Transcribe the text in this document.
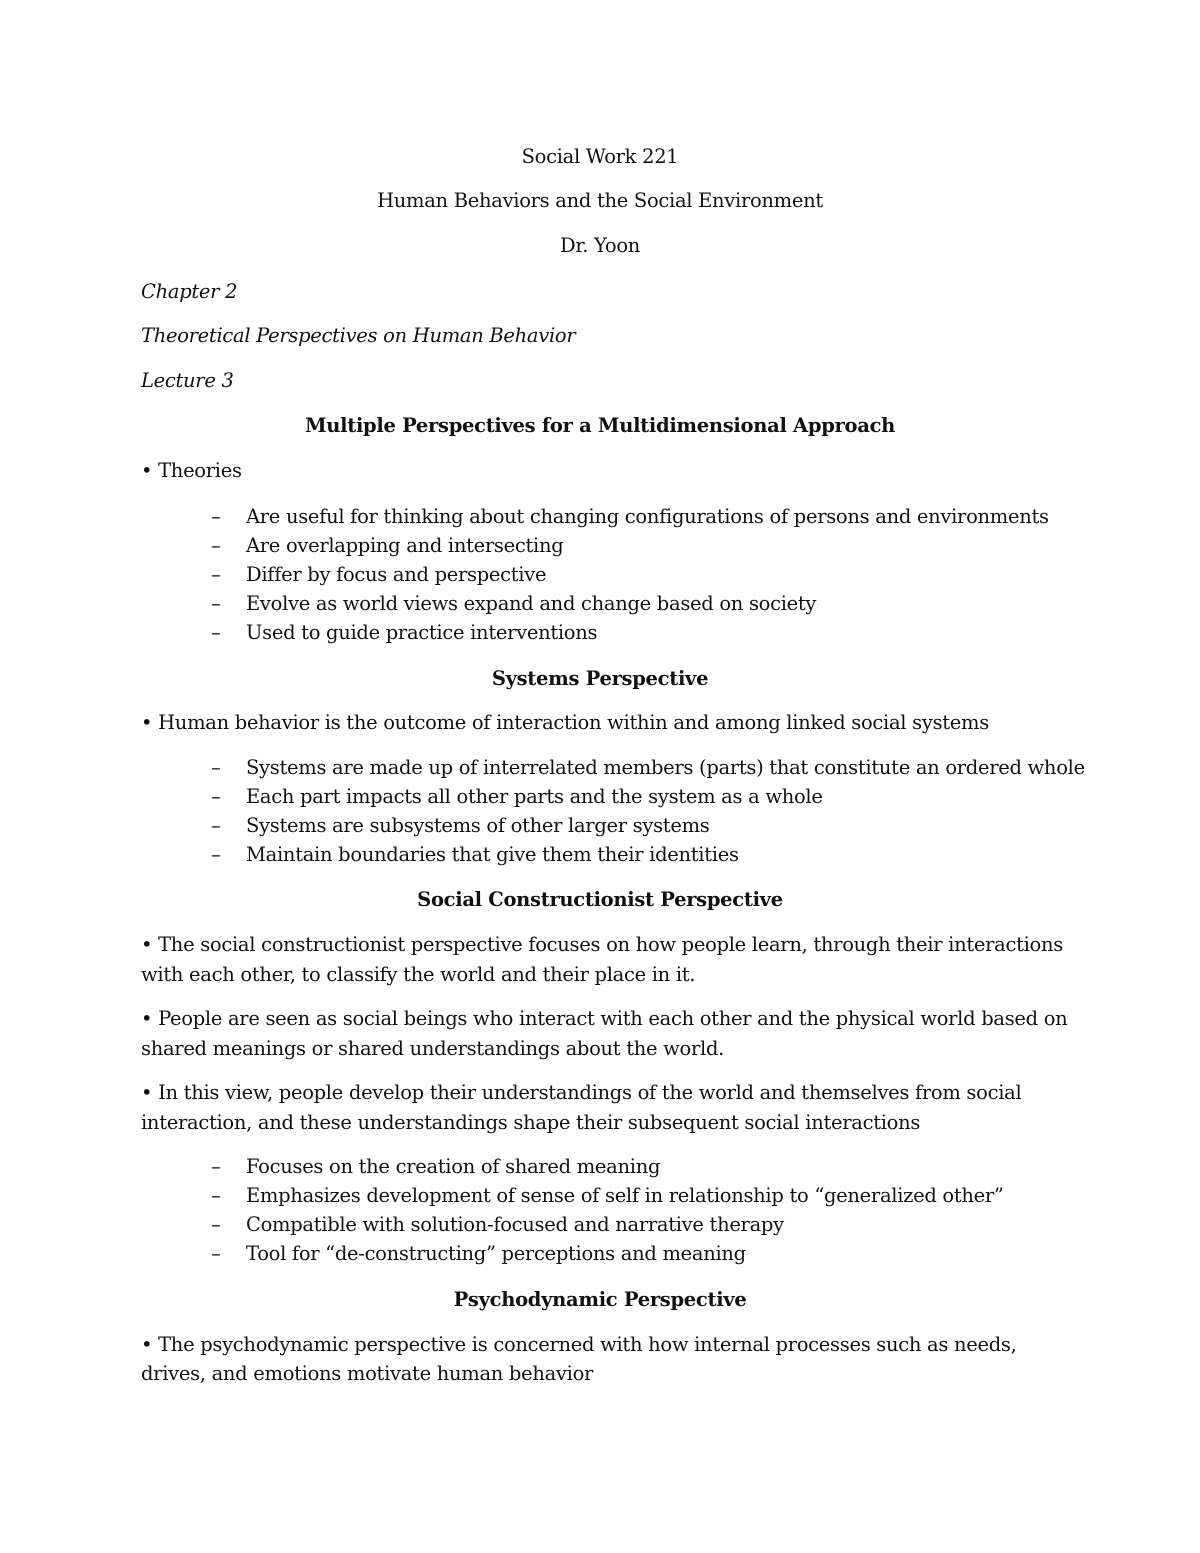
Social Work 221
Human Behaviors and the Social Environment
Dr. Yoon
Chapter 2
Theoretical Perspectives on Human Behavior
Lecture 3
Multiple Perspectives for a Multidimensional Approach
• Theories
– Are useful for thinking about changing configurations of persons and environments
– Are overlapping and intersecting
– Differ by focus and perspective
– Evolve as world views expand and change based on society
– Used to guide practice interventions
Systems Perspective
• Human behavior is the outcome of interaction within and among linked social systems
– Systems are made up of interrelated members (parts) that constitute an ordered whole
– Each part impacts all other parts and the system as a whole
– Systems are subsystems of other larger systems
– Maintain boundaries that give them their identities
Social Constructionist Perspective
• The social constructionist perspective focuses on how people learn, through their interactions
with each other, to classify the world and their place in it.
• People are seen as social beings who interact with each other and the physical world based on
shared meanings or shared understandings about the world.
• In this view, people develop their understandings of the world and themselves from social
interaction, and these understandings shape their subsequent social interactions
– Focuses on the creation of shared meaning
– Emphasizes development of sense of self in relationship to “generalized other”
– Compatible with solution-focused and narrative therapy
– Tool for “de-constructing” perceptions and meaning
Psychodynamic Perspective
• The psychodynamic perspective is concerned with how internal processes such as needs,
drives, and emotions motivate human behavior
